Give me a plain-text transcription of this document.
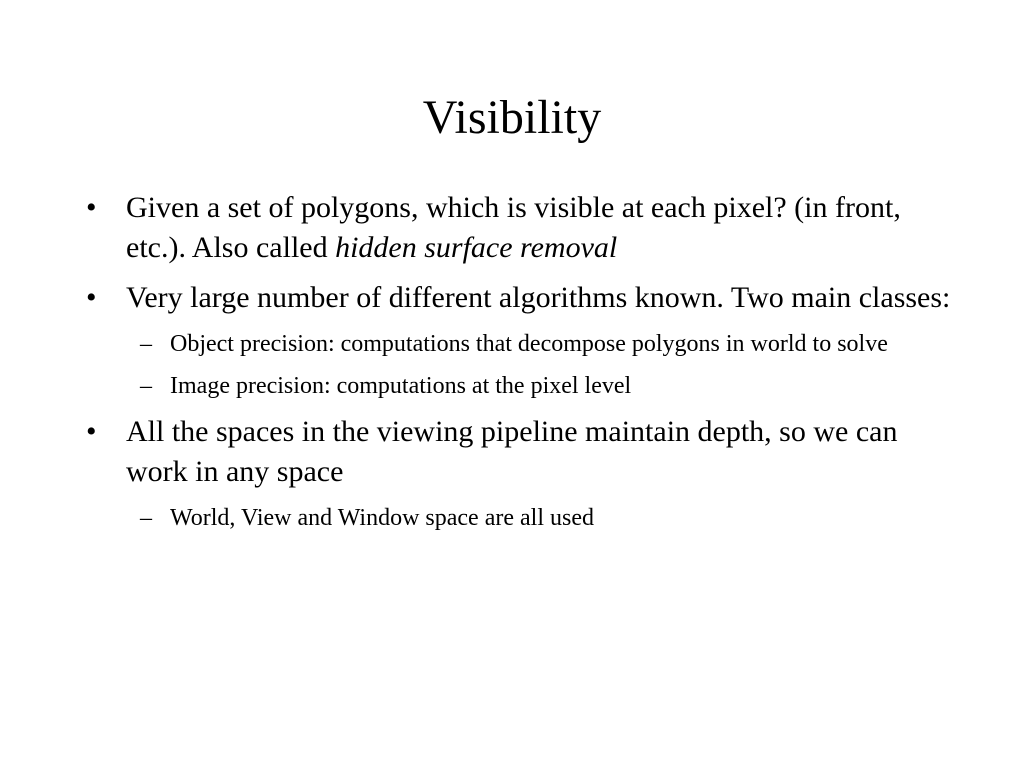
Visibility
• Given a set of polygons, which is visible at each pixel? (in front, etc.). Also called hidden surface removal
• Very large number of different algorithms known. Two main classes:
– Object precision: computations that decompose polygons in world to solve
– Image precision: computations at the pixel level
• All the spaces in the viewing pipeline maintain depth, so we can work in any space
– World, View and Window space are all used
